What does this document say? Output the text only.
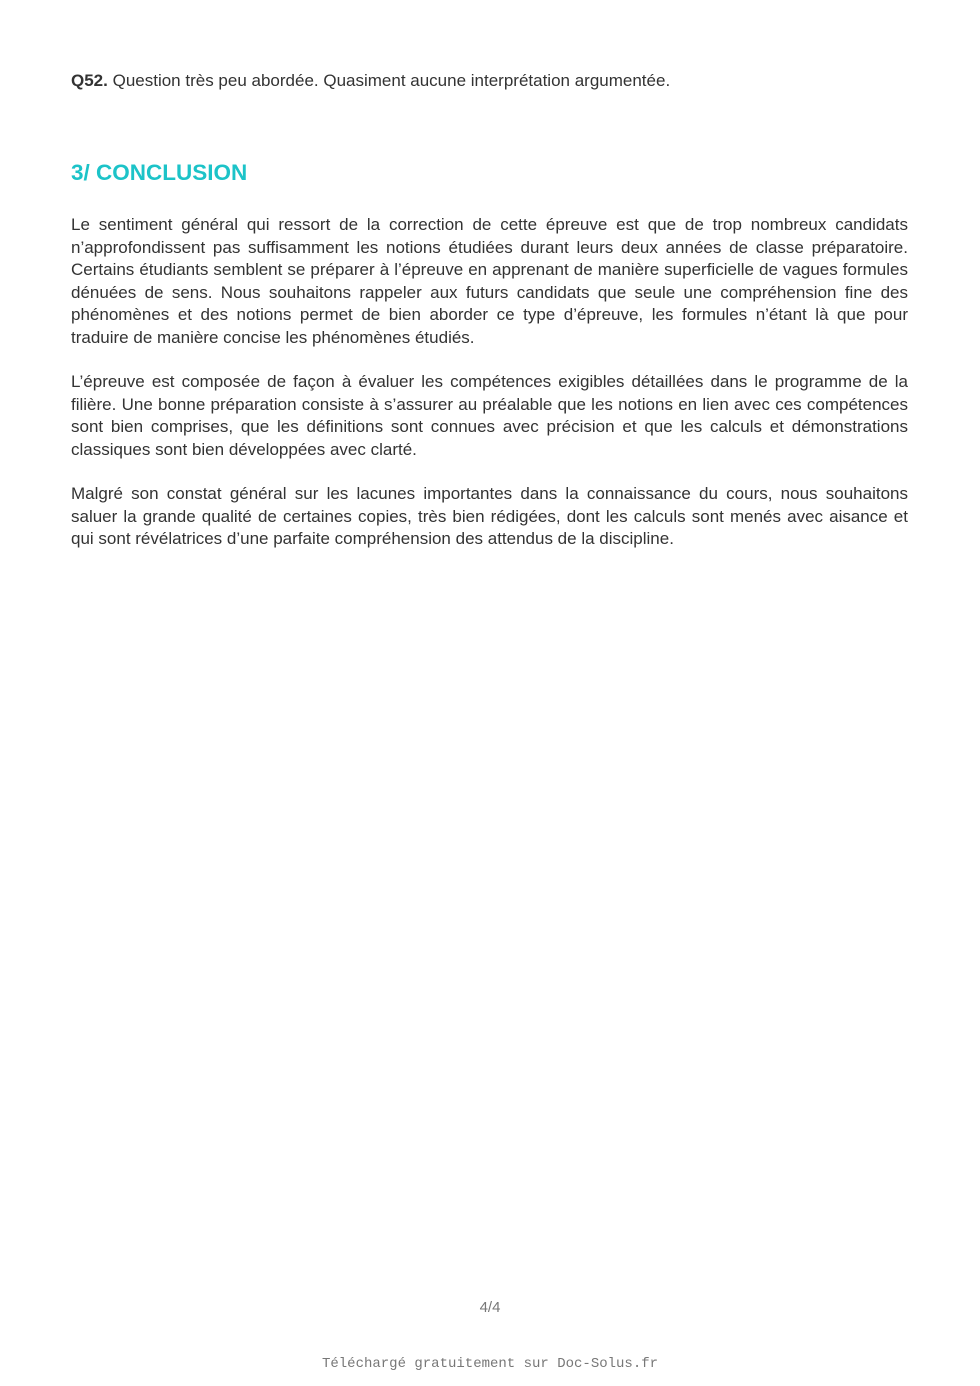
Q52. Question très peu abordée. Quasiment aucune interprétation argumentée.
3/ CONCLUSION

Le sentiment général qui ressort de la correction de cette épreuve est que de trop nombreux candidats n’approfondissent pas suffisamment les notions étudiées durant leurs deux années de classe préparatoire. Certains étudiants semblent se préparer à l’épreuve en apprenant de manière superficielle de vagues formules dénuées de sens. Nous souhaitons rappeler aux futurs candidats que seule une compréhension fine des phénomènes et des notions permet de bien aborder ce type d’épreuve, les formules n’étant là que pour traduire de manière concise les phénomènes étudiés.

L’épreuve est composée de façon à évaluer les compétences exigibles détaillées dans le programme de la filière. Une bonne préparation consiste à s’assurer au préalable que les notions en lien avec ces compétences sont bien comprises, que les définitions sont connues avec précision et que les calculs et démonstrations classiques sont bien développées avec clarté.

Malgré son constat général sur les lacunes importantes dans la connaissance du cours, nous souhaitons saluer la grande qualité de certaines copies, très bien rédigées, dont les calculs sont menés avec aisance et qui sont révélatrices d’une parfaite compréhension des attendus de la discipline.

4/4
Téléchargé gratuitement sur Doc-Solus.fr
